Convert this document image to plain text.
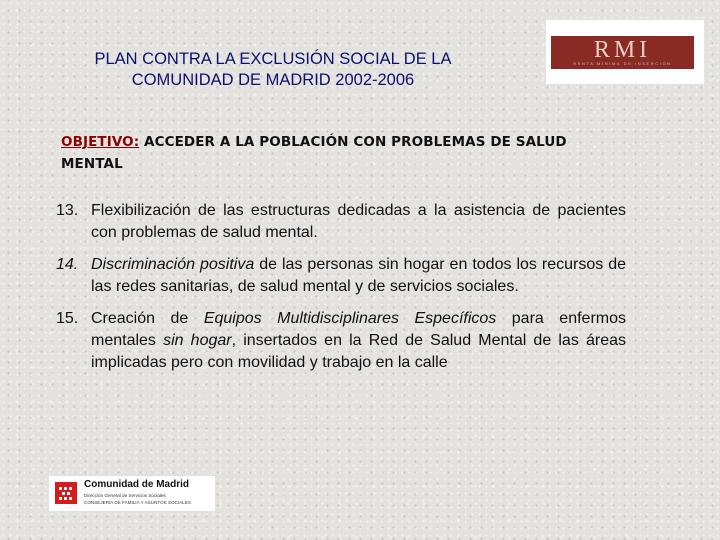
PLAN CONTRA LA EXCLUSIÓN SOCIAL DE LA
COMUNIDAD DE MADRID 2002-2006
RMI
RENTA MÍNIMA DE INSERCIÓN
OBJETIVO: ACCEDER A LA POBLACIÓN CON PROBLEMAS DE SALUD MENTAL
13. Flexibilización de las estructuras dedicadas a la asistencia de pacientes con problemas de salud mental.
14. Discriminación positiva de las personas sin hogar en todos los recursos de las redes sanitarias, de salud mental y de servicios sociales.
15. Creación de Equipos Multidisciplinares Específicos para enfermos mentales sin hogar, insertados en la Red de Salud Mental de las áreas implicadas pero con movilidad y trabajo en la calle
Comunidad de Madrid
Dirección General de Servicios Sociales
CONSEJERÍA DE FAMILIA Y ASUNTOS SOCIALES
